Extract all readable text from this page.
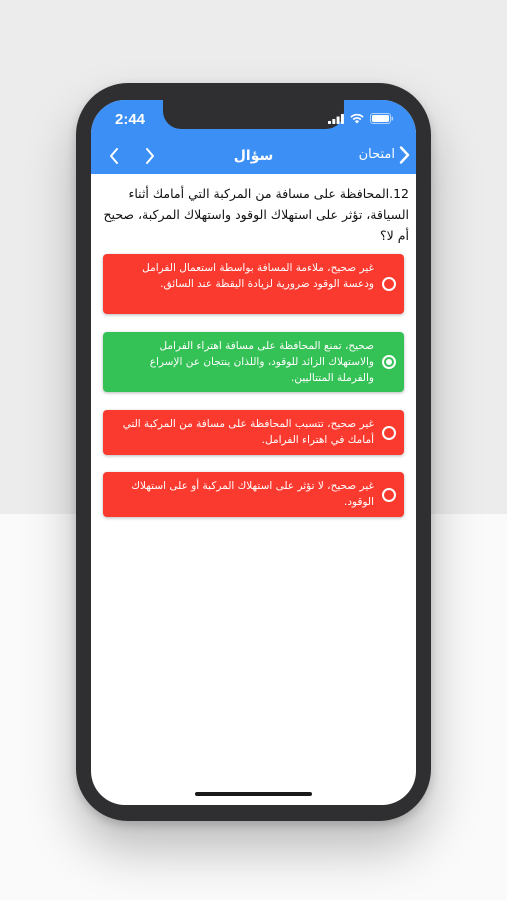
2:44
سؤال	امتحان
12.المحافظة على مسافة من المركبة التي أمامك أثناء السياقة، تؤثر على استهلاك الوقود واستهلاك المركبة، صحيح أم لا؟
غير صحيح، ملاءمة المسافة بواسطة استعمال الفرامل ودعسة الوقود ضرورية لزيادة اليقظة عند السائق.
صحيح، تمنع المحافظة على مسافة اهتراء الفرامل والاستهلاك الزائد للوقود، واللذان ينتجان عن الإسراع والفرملة المتتاليين.
غير صحيح، تتسبب المحافظة على مسافة من المركبة التي أمامك في اهتراء الفرامل.
غير صحيح، لا تؤثر على استهلاك المركبة أو على استهلاك الوقود.
